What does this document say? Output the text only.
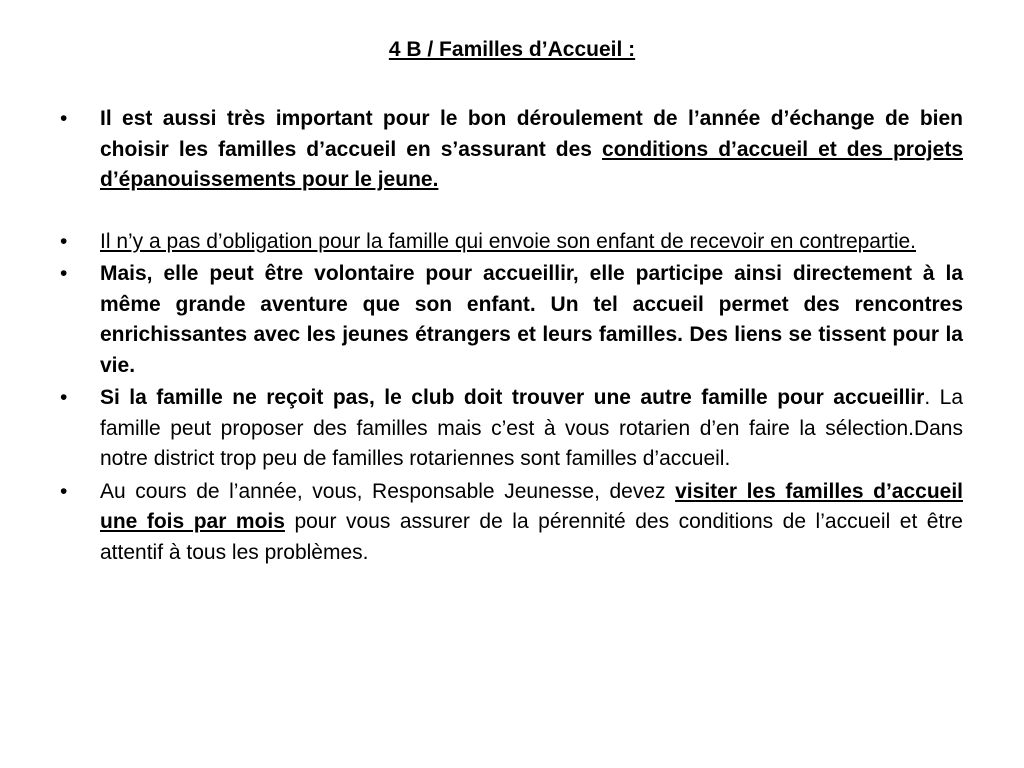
4 B / Familles d’Accueil :
•	Il est aussi très important pour le bon déroulement de l’année d’échange de bien choisir les familles d’accueil en s’assurant des conditions d’accueil et des projets d’épanouissements pour le jeune.
•	Il n’y a pas d’obligation pour la famille qui envoie son enfant de recevoir en contrepartie.
•	Mais, elle peut être volontaire pour accueillir, elle participe ainsi directement à la même grande aventure que son enfant. Un tel accueil permet des rencontres enrichissantes avec les jeunes étrangers et leurs familles. Des liens se tissent pour la vie.
•	Si la famille ne reçoit pas, le club doit trouver une autre famille pour accueillir. La famille peut proposer des familles mais c’est à vous rotarien d’en faire la sélection.Dans notre district trop peu de familles rotariennes sont familles d’accueil.
•	Au cours de l’année, vous, Responsable Jeunesse, devez visiter les familles d’accueil une fois par mois pour vous assurer de la pérennité des conditions de l’accueil et être attentif à tous les problèmes.
